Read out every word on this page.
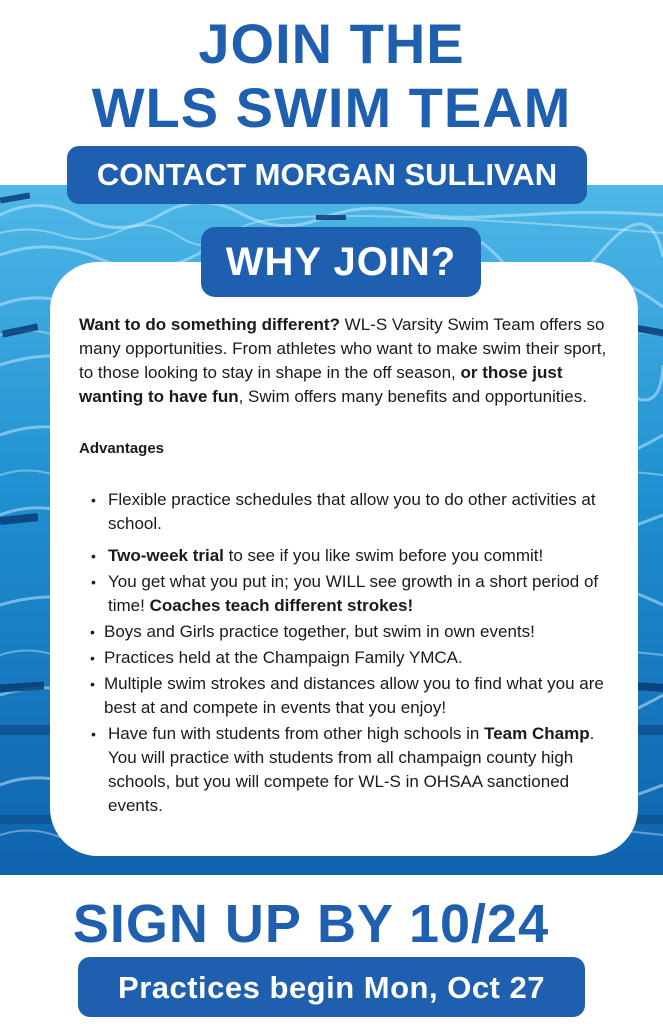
JOIN THE
WLS SWIM TEAM
CONTACT MORGAN SULLIVAN
WHY JOIN?

Want to do something different? WL-S Varsity Swim Team offers so many opportunities. From athletes who want to make swim their sport, to those looking to stay in shape in the off season, or those just wanting to have fun, Swim offers many benefits and opportunities.

Advantages

• Flexible practice schedules that allow you to do other activities at school.
• Two-week trial to see if you like swim before you commit!
• You get what you put in; you WILL see growth in a short period of time! Coaches teach different strokes!
• Boys and Girls practice together, but swim in own events!
• Practices held at the Champaign Family YMCA.
• Multiple swim strokes and distances allow you to find what you are best at and compete in events that you enjoy!
• Have fun with students from other high schools in Team Champ. You will practice with students from all champaign county high schools, but you will compete for WL-S in OHSAA sanctioned events.
SIGN UP BY 10/24
Practices begin Mon, Oct 27
